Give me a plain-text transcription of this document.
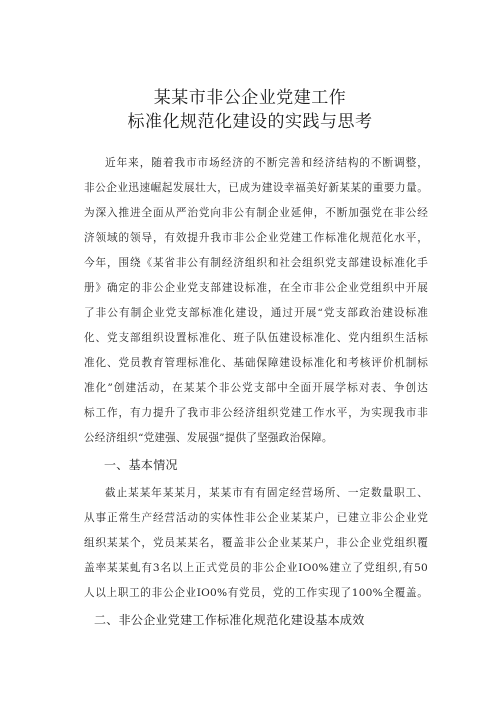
某某市非公企业党建工作
标准化规范化建设的实践与思考
近年来，随着我市市场经济的不断完善和经济结构的不断调整，
非公企业迅速崛起发展壮大，已成为建设幸福美好新某某的重要力量。
为深入推进全面从严治党向非公有制企业延伸，不断加强党在非公经
济领域的领导，有效提升我市非公企业党建工作标准化规范化水平，
今年，围绕《某省非公有制经济组织和社会组织党支部建设标准化手
册》确定的非公企业党支部建设标准，在全市非公企业党组织中开展
了非公有制企业党支部标准化建设，通过开展“党支部政治建设标准
化、党支部组织设置标准化、班子队伍建设标准化、党内组织生活标
准化、党员教育管理标准化、基础保障建设标准化和考核评价机制标
准化”创建活动，在某某个非公党支部中全面开展学标对表、争创达
标工作，有力提升了我市非公经济组织党建工作水平，为实现我市非
公经济组织“党建强、发展强”提供了坚强政治保障。
一、基本情况
截止某某年某某月，某某市有有固定经营场所、一定数量职工、
从事正常生产经营活动的实体性非公企业某某户，已建立非公企业党
组织某某个，党员某某名，覆盖非公企业某某户，非公企业党组织覆
盖率某某虬有3名以上正式党员的非公企业IO0%建立了党组织,有50
人以上职工的非公企业IO0%有党员，党的工作实现了100%全覆盖。
二、非公企业党建工作标准化规范化建设基本成效
